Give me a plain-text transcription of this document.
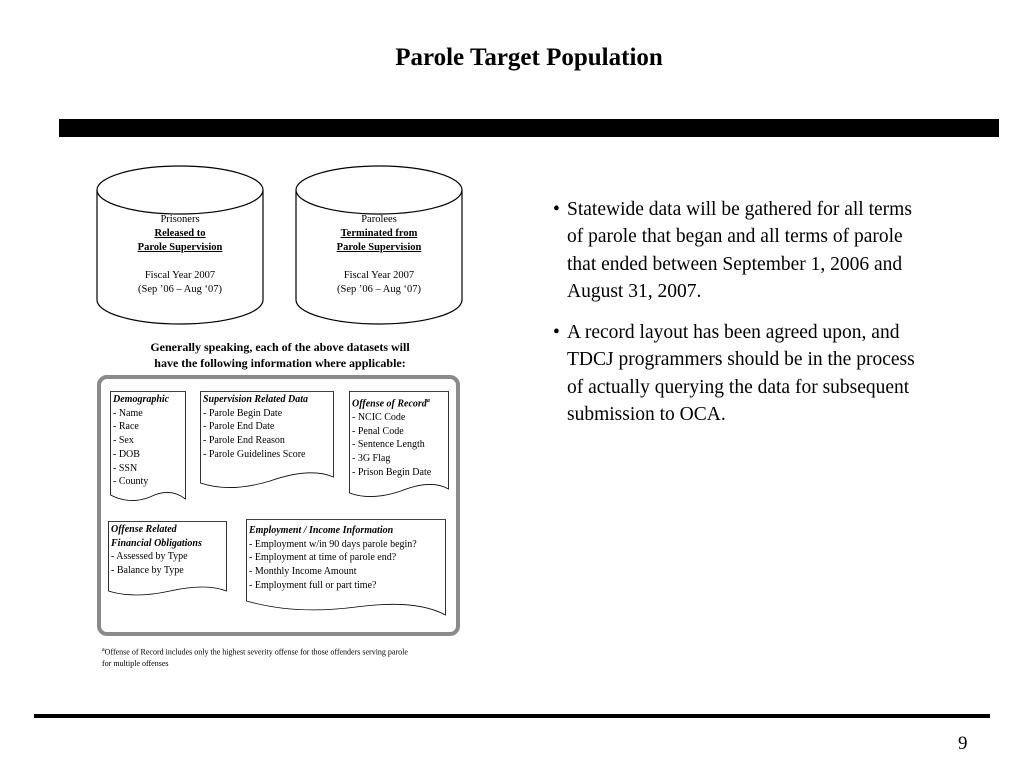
Parole Target Population
Prisoners
Released to
Parole Supervision
Fiscal Year 2007
(Sep ’06 – Aug ‘07)
Parolees
Terminated from
Parole Supervision
Fiscal Year 2007
(Sep ’06 – Aug ‘07)
Generally speaking, each of the above datasets will
have the following information where applicable:
Demographic
- Name
- Race
- Sex
- DOB
- SSN
- County
Supervision Related Data
- Parole Begin Date
- Parole End Date
- Parole End Reason
- Parole Guidelines Score
Offense of Record$^a$
- NCIC Code
- Penal Code
- Sentence Length
- 3G Flag
- Prison Begin Date
Offense Related
Financial Obligations
- Assessed by Type
- Balance by Type
Employment / Income Information
- Employment w/in 90 days parole begin?
- Employment at time of parole end?
- Monthly Income Amount
- Employment full or part time?
$^a$Offense of Record includes only the highest severity offense for those offenders serving parole
for multiple offenses
• Statewide data will be gathered for all terms of parole that began and all terms of parole that ended between September 1, 2006 and August 31, 2007.
• A record layout has been agreed upon, and TDCJ programmers should be in the process of actually querying the data for subsequent submission to OCA.
9
